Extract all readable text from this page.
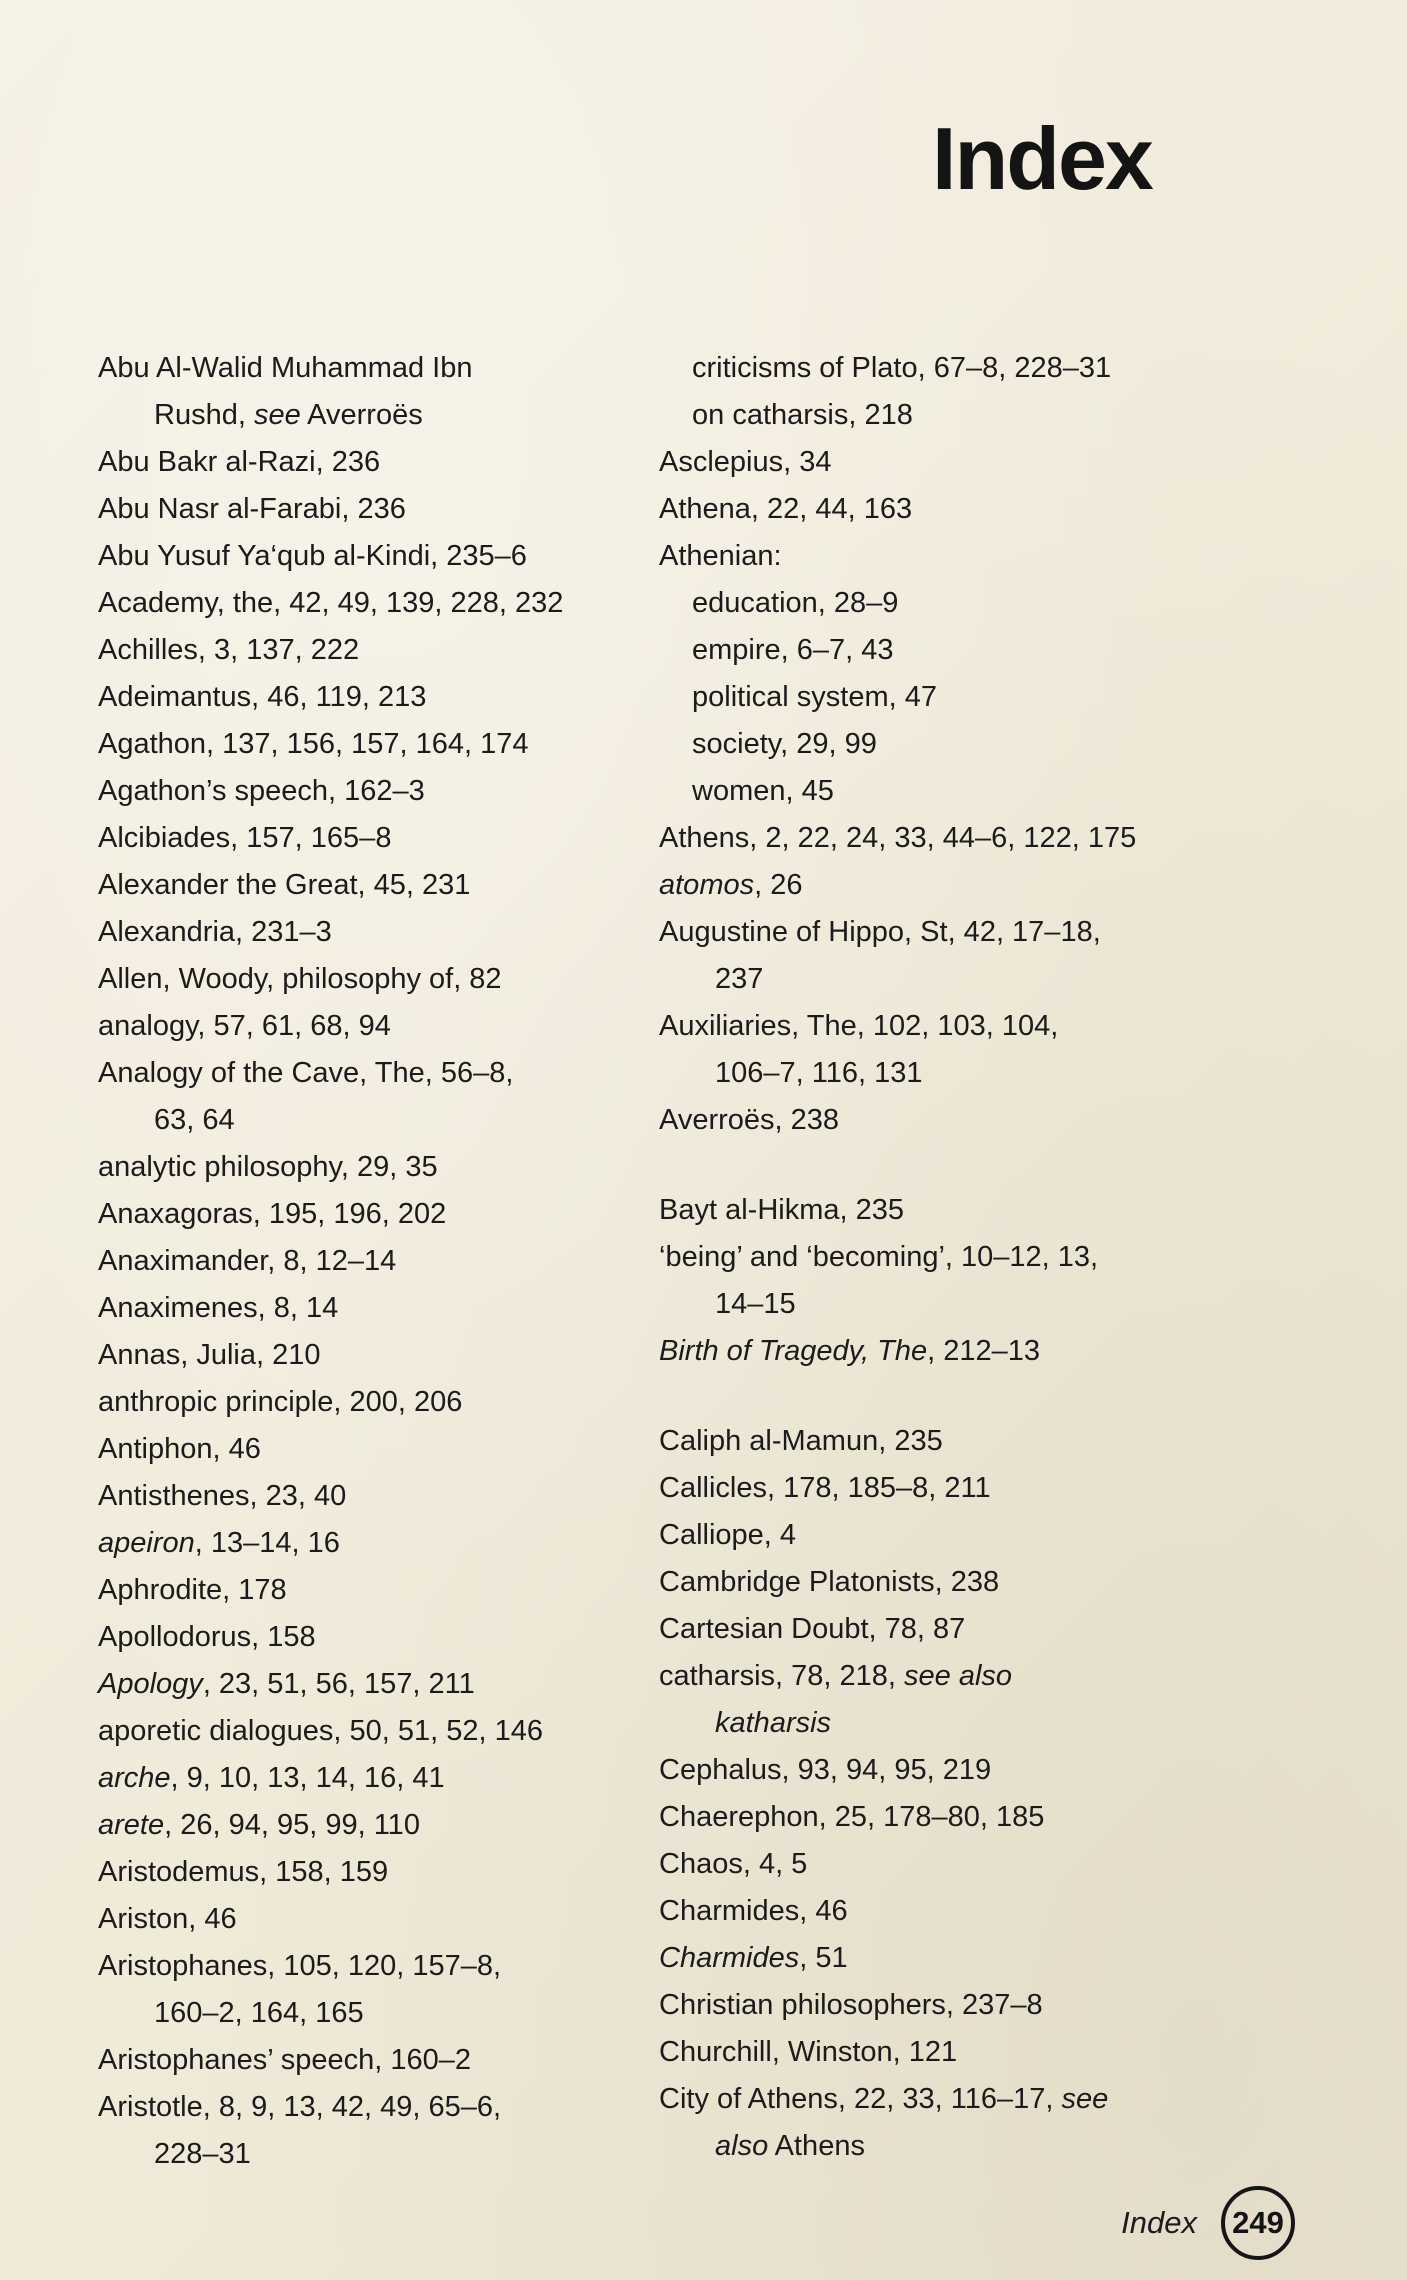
Index
Abu Al-Walid Muhammad Ibn
Rushd, see Averroës
Abu Bakr al-Razi, 236
Abu Nasr al-Farabi, 236
Abu Yusuf Ya‘qub al-Kindi, 235–6
Academy, the, 42, 49, 139, 228, 232
Achilles, 3, 137, 222
Adeimantus, 46, 119, 213
Agathon, 137, 156, 157, 164, 174
Agathon’s speech, 162–3
Alcibiades, 157, 165–8
Alexander the Great, 45, 231
Alexandria, 231–3
Allen, Woody, philosophy of, 82
analogy, 57, 61, 68, 94
Analogy of the Cave, The, 56–8,
63, 64
analytic philosophy, 29, 35
Anaxagoras, 195, 196, 202
Anaximander, 8, 12–14
Anaximenes, 8, 14
Annas, Julia, 210
anthropic principle, 200, 206
Antiphon, 46
Antisthenes, 23, 40
apeiron, 13–14, 16
Aphrodite, 178
Apollodorus, 158
Apology, 23, 51, 56, 157, 211
aporetic dialogues, 50, 51, 52, 146
arche, 9, 10, 13, 14, 16, 41
arete, 26, 94, 95, 99, 110
Aristodemus, 158, 159
Ariston, 46
Aristophanes, 105, 120, 157–8,
160–2, 164, 165
Aristophanes’ speech, 160–2
Aristotle, 8, 9, 13, 42, 49, 65–6,
228–31
criticisms of Plato, 67–8, 228–31
on catharsis, 218
Asclepius, 34
Athena, 22, 44, 163
Athenian:
education, 28–9
empire, 6–7, 43
political system, 47
society, 29, 99
women, 45
Athens, 2, 22, 24, 33, 44–6, 122, 175
atomos, 26
Augustine of Hippo, St, 42, 17–18,
237
Auxiliaries, The, 102, 103, 104,
106–7, 116, 131
Averroës, 238
Bayt al-Hikma, 235
‘being’ and ‘becoming’, 10–12, 13,
14–15
Birth of Tragedy, The, 212–13
Caliph al-Mamun, 235
Callicles, 178, 185–8, 211
Calliope, 4
Cambridge Platonists, 238
Cartesian Doubt, 78, 87
catharsis, 78, 218, see also
katharsis
Cephalus, 93, 94, 95, 219
Chaerephon, 25, 178–80, 185
Chaos, 4, 5
Charmides, 46
Charmides, 51
Christian philosophers, 237–8
Churchill, Winston, 121
City of Athens, 22, 33, 116–17, see
also Athens
Index	249
